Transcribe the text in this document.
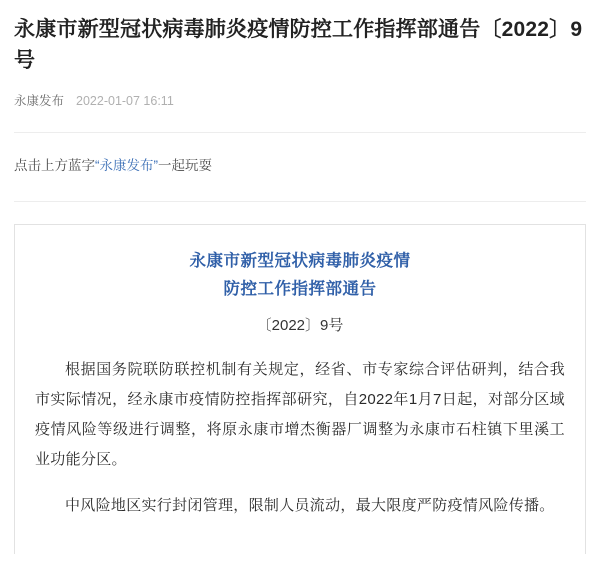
永康市新型冠状病毒肺炎疫情防控工作指挥部通告〔2022〕9号
永康发布 2022-01-07 16:11
点击上方蓝字“永康发布”一起玩耍
永康市新型冠状病毒肺炎疫情
防控工作指挥部通告
〔2022〕9号
根据国务院联防联控机制有关规定，经省、市专家综合评估研判，结合我市实际情况，经永康市疫情防控指挥部研究，自2022年1月7日起，对部分区域疫情风险等级进行调整，将原永康市增杰衡器厂调整为永康市石柱镇下里溪工业功能分区。
中风险地区实行封闭管理，限制人员流动，最大限度严防疫情风险传播。
